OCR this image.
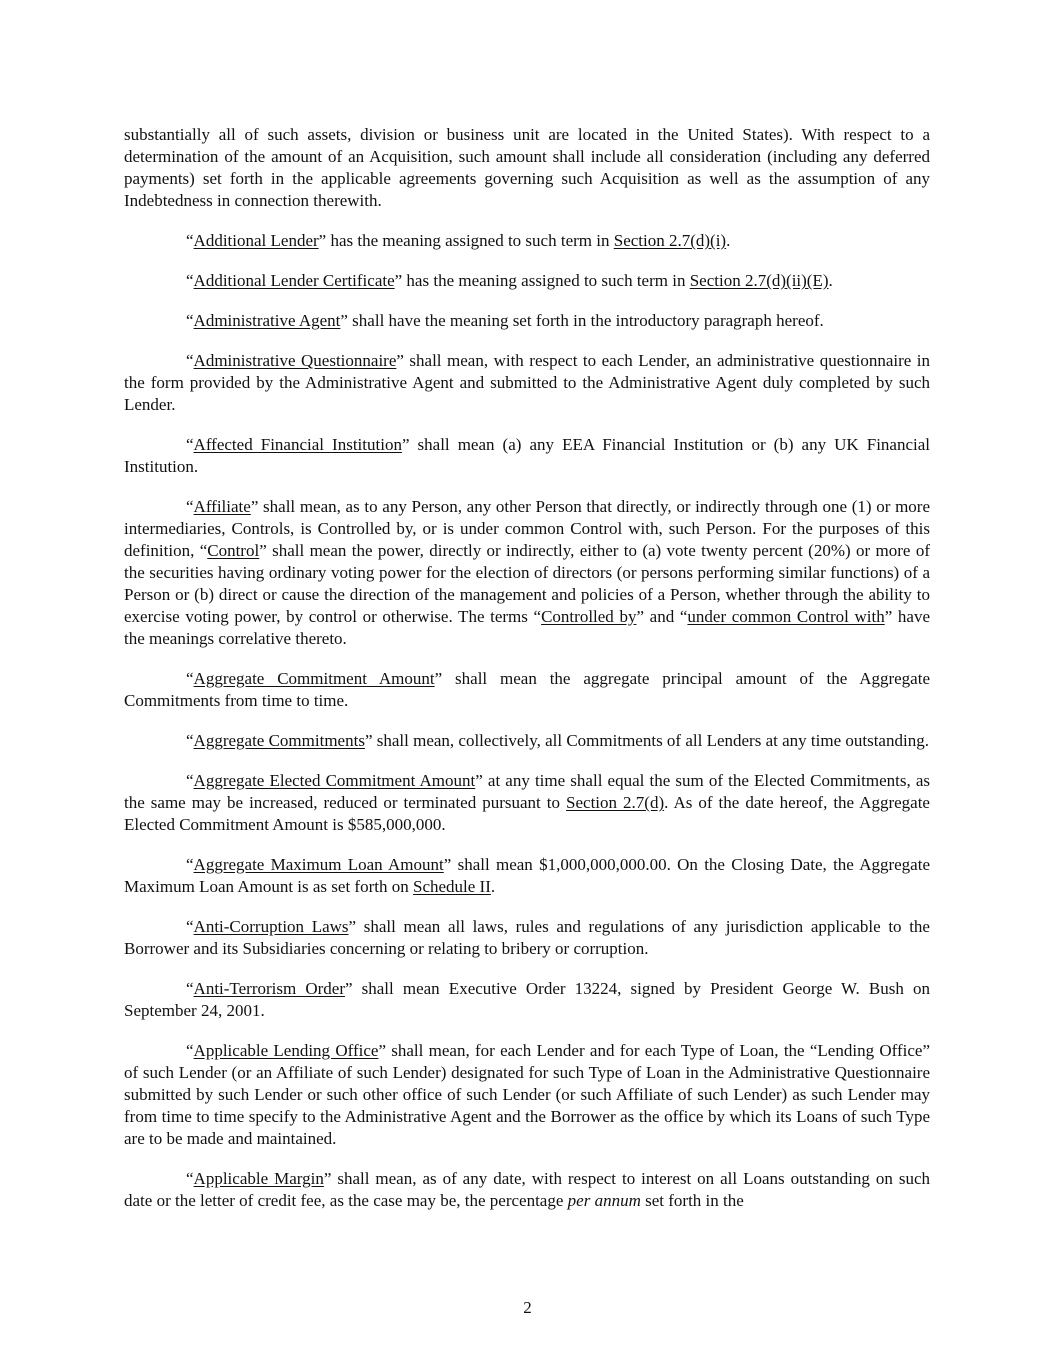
substantially all of such assets, division or business unit are located in the United States). With respect to a determination of the amount of an Acquisition, such amount shall include all consideration (including any deferred payments) set forth in the applicable agreements governing such Acquisition as well as the assumption of any Indebtedness in connection therewith.

“Additional Lender” has the meaning assigned to such term in Section 2.7(d)(i).

“Additional Lender Certificate” has the meaning assigned to such term in Section 2.7(d)(ii)(E).

“Administrative Agent” shall have the meaning set forth in the introductory paragraph hereof.

“Administrative Questionnaire” shall mean, with respect to each Lender, an administrative questionnaire in the form provided by the Administrative Agent and submitted to the Administrative Agent duly completed by such Lender.

“Affected Financial Institution” shall mean (a) any EEA Financial Institution or (b) any UK Financial Institution.

“Affiliate” shall mean, as to any Person, any other Person that directly, or indirectly through one (1) or more intermediaries, Controls, is Controlled by, or is under common Control with, such Person. For the purposes of this definition, “Control” shall mean the power, directly or indirectly, either to (a) vote twenty percent (20%) or more of the securities having ordinary voting power for the election of directors (or persons performing similar functions) of a Person or (b) direct or cause the direction of the management and policies of a Person, whether through the ability to exercise voting power, by control or otherwise. The terms “Controlled by” and “under common Control with” have the meanings correlative thereto.

“Aggregate Commitment Amount” shall mean the aggregate principal amount of the Aggregate Commitments from time to time.

“Aggregate Commitments” shall mean, collectively, all Commitments of all Lenders at any time outstanding.

“Aggregate Elected Commitment Amount” at any time shall equal the sum of the Elected Commitments, as the same may be increased, reduced or terminated pursuant to Section 2.7(d). As of the date hereof, the Aggregate Elected Commitment Amount is $585,000,000.

“Aggregate Maximum Loan Amount” shall mean $1,000,000,000.00. On the Closing Date, the Aggregate Maximum Loan Amount is as set forth on Schedule II.

“Anti-Corruption Laws” shall mean all laws, rules and regulations of any jurisdiction applicable to the Borrower and its Subsidiaries concerning or relating to bribery or corruption.

“Anti-Terrorism Order” shall mean Executive Order 13224, signed by President George W. Bush on September 24, 2001.

“Applicable Lending Office” shall mean, for each Lender and for each Type of Loan, the “Lending Office” of such Lender (or an Affiliate of such Lender) designated for such Type of Loan in the Administrative Questionnaire submitted by such Lender or such other office of such Lender (or such Affiliate of such Lender) as such Lender may from time to time specify to the Administrative Agent and the Borrower as the office by which its Loans of such Type are to be made and maintained.

“Applicable Margin” shall mean, as of any date, with respect to interest on all Loans outstanding on such date or the letter of credit fee, as the case may be, the percentage per annum set forth in the

2
